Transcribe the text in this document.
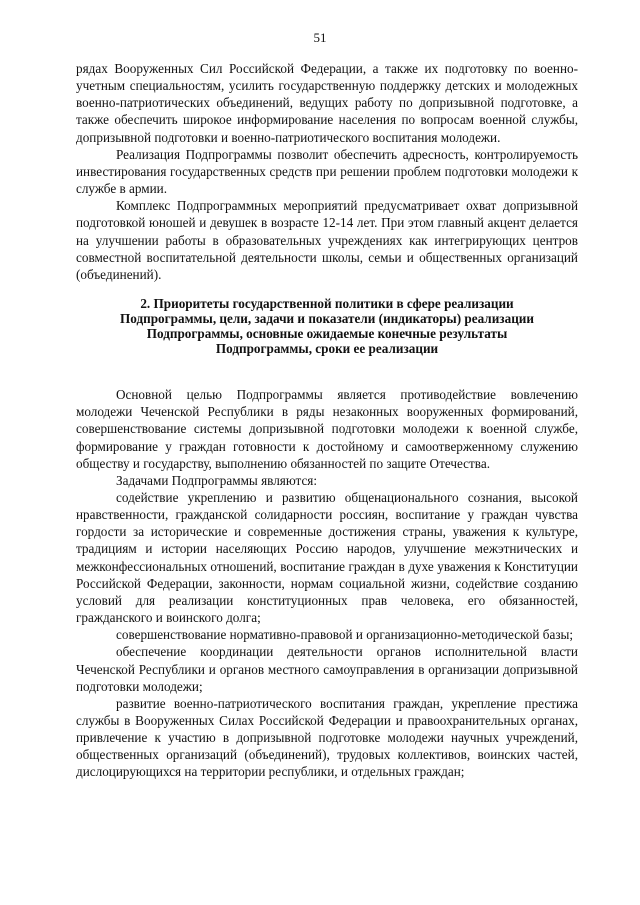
51

рядах Вооруженных Сил Российской Федерации, а также их подготовку по военно-учетным специальностям, усилить государственную поддержку детских и молодежных военно-патриотических объединений, ведущих работу по допризывной подготовке, а также обеспечить широкое информирование населения по вопросам военной службы, допризывной подготовки и военно-патриотического воспитания молодежи.

Реализация Подпрограммы позволит обеспечить адресность, контролируемость инвестирования государственных средств при решении проблем подготовки молодежи к службе в армии.

Комплекс Подпрограммных мероприятий предусматривает охват допризывной подготовкой юношей и девушек в возрасте 12-14 лет. При этом главный акцент делается на улучшении работы в образовательных учреждениях как интегрирующих центров совместной воспитательной деятельности школы, семьи и общественных организаций (объединений).

2. Приоритеты государственной политики в сфере реализации
Подпрограммы, цели, задачи и показатели (индикаторы) реализации
Подпрограммы, основные ожидаемые конечные результаты
Подпрограммы, сроки ее реализации

Основной целью Подпрограммы является противодействие вовлечению молодежи Чеченской Республики в ряды незаконных вооруженных формирований, совершенствование системы допризывной подготовки молодежи к военной службе, формирование у граждан готовности к достойному и самоотверженному служению обществу и государству, выполнению обязанностей по защите Отечества.

Задачами Подпрограммы являются:

содействие укреплению и развитию общенационального сознания, высокой нравственности, гражданской солидарности россиян, воспитание у граждан чувства гордости за исторические и современные достижения страны, уважения к культуре, традициям и истории населяющих Россию народов, улучшение межэтнических и межконфессиональных отношений, воспитание граждан в духе уважения к Конституции Российской Федерации, законности, нормам социальной жизни, содействие созданию условий для реализации конституционных прав человека, его обязанностей, гражданского и воинского долга;

совершенствование нормативно-правовой и организационно-методической базы;

обеспечение координации деятельности органов исполнительной власти Чеченской Республики и органов местного самоуправления в организации допризывной подготовки молодежи;

развитие военно-патриотического воспитания граждан, укрепление престижа службы в Вооруженных Силах Российской Федерации и правоохранительных органах, привлечение к участию в допризывной подготовке молодежи научных учреждений, общественных организаций (объединений), трудовых коллективов, воинских частей, дислоцирующихся на территории республики, и отдельных граждан;
